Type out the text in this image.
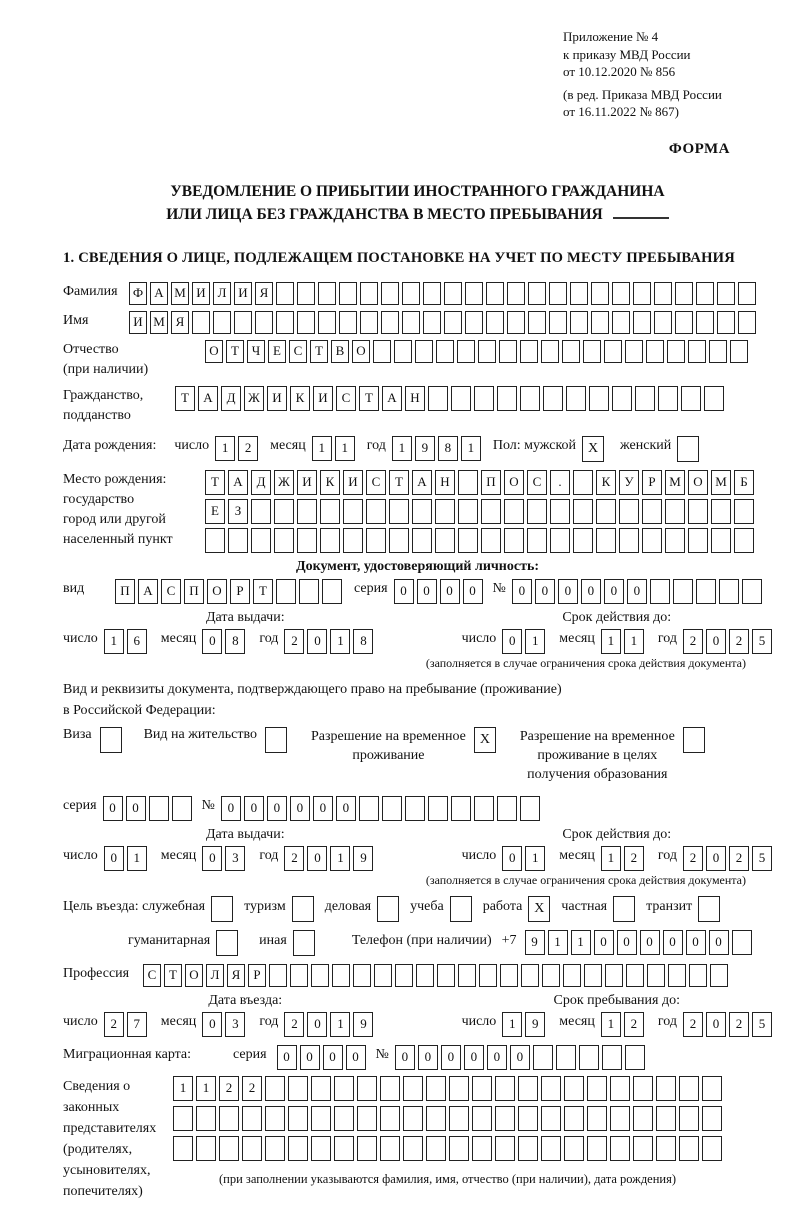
Приложение № 4
к приказу МВД России
от 10.12.2020 № 856
(в ред. Приказа МВД России
от 16.11.2022 № 867)
ФОРМА
УВЕДОМЛЕНИЕ О ПРИБЫТИИ ИНОСТРАННОГО ГРАЖДАНИНА
ИЛИ ЛИЦА БЕЗ ГРАЖДАНСТВА В МЕСТО ПРЕБЫВАНИЯ
1. СВЕДЕНИЯ О ЛИЦЕ, ПОДЛЕЖАЩЕМ ПОСТАНОВКЕ НА УЧЕТ ПО МЕСТУ ПРЕБЫВАНИЯ
Фамилия	Ф А М И Л И Я
Имя	И М Я
Отчество
(при наличии)
О Т Ч Е С Т В О
Гражданство,
подданство
Т	А	Д Ж И	К	И	С	Т	А	Н
Дата рождения: число 1	2	месяц 1	1	год 1	9	8	1	Пол: мужской X	женский
Место рождения:
государство
город или другой
населенный пункт
Т	А	Д Ж И	К	И	С	Т	А	Н	П	О	С	.	К	У	Р	М О М	Б
Е	З
Документ, удостоверяющий личность:
вид	П	А	С	П	О	Р	Т	серия 0	0	0	0	№ 0	0	0	0	0	0
Дата выдачи:
число 1	6	месяц 0	8	год 2	0	1	8
Срок действия до:
число 0	1	месяц 1	1	год 2	0	2	5
(заполняется в случае ограничения срока действия документа)
Вид и реквизиты документа, подтверждающего право на пребывание (проживание)
в Российской Федерации:
Виза	Вид на жительство	Разрешение на временное
проживание
X	Разрешение на временное
проживание в целях
получения образования
серия 0	0	№ 0	0	0	0	0	0
Дата выдачи:
число 0	1	месяц 0	3	год 2	0	1	9
Срок действия до:
число 0	1	месяц 1	2	год 2	0	2	5
(заполняется в случае ограничения срока действия документа)
Цель въезда: служебная	туризм	деловая	учеба	работа X	частная	транзит
гуманитарная	иная	Телефон (при наличии) +7	9	1	1	0	0	0	0	0	0
Профессия	С Т О Л Я	Р
Дата въезда:
число 2	7	месяц 0	3	год 2	0	1	9
Срок пребывания до:
число 1	9	месяц 1	2	год 2	0	2	5
Миграционная карта:	серия	0	0	0	0	№ 0	0	0	0	0	0
Сведения о
законных
представителях
(родителях,
усыновителях,
попечителях)
1	1	2	2
(при заполнении указываются фамилия, имя, отчество (при наличии), дата рождения)
